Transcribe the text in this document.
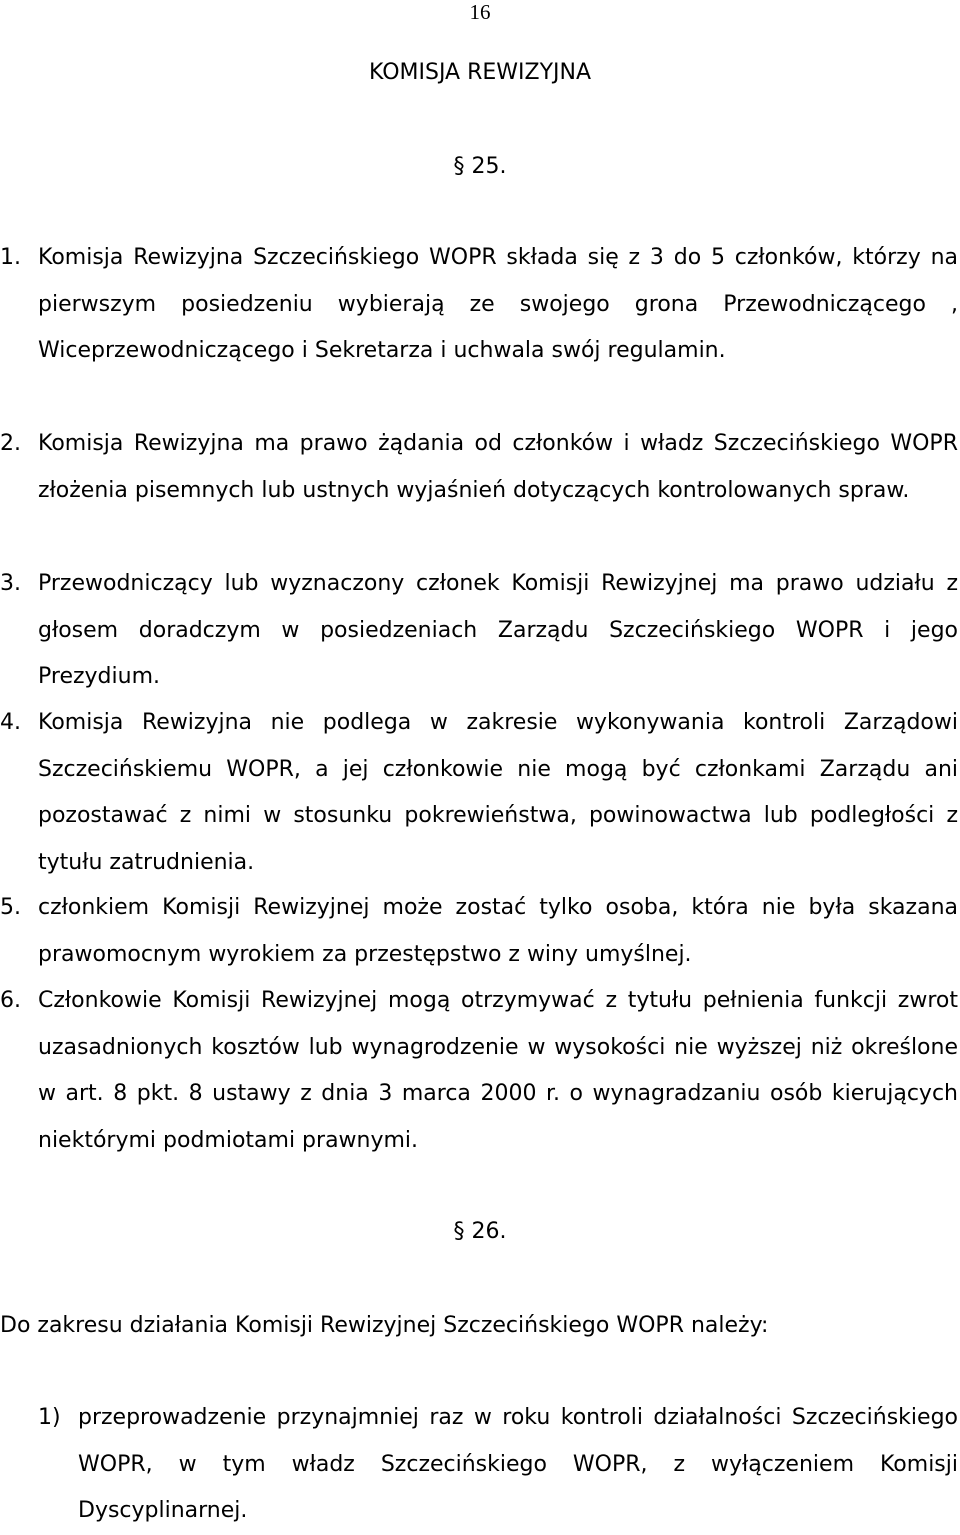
16
KOMISJA REWIZYJNA
§ 25.
1. Komisja Rewizyjna Szczecińskiego WOPR składa się z 3 do 5 członków, którzy na pierwszym posiedzeniu wybierają ze swojego grona Przewodniczącego , Wiceprzewodniczącego i Sekretarza i uchwala swój regulamin.
2. Komisja Rewizyjna ma prawo żądania od członków i władz Szczecińskiego WOPR złożenia pisemnych lub ustnych wyjaśnień dotyczących kontrolowanych spraw.
3. Przewodniczący lub wyznaczony członek Komisji Rewizyjnej ma prawo udziału z głosem doradczym w posiedzeniach Zarządu Szczecińskiego WOPR i jego Prezydium.
4. Komisja Rewizyjna nie podlega w zakresie wykonywania kontroli Zarządowi Szczecińskiemu WOPR, a jej członkowie nie mogą być członkami Zarządu ani pozostawać z nimi w stosunku pokrewieństwa, powinowactwa lub podległości z tytułu zatrudnienia.
5. członkiem Komisji Rewizyjnej może zostać tylko osoba, która nie była skazana prawomocnym wyrokiem za przestępstwo z winy umyślnej.
6. Członkowie Komisji Rewizyjnej mogą otrzymywać z tytułu pełnienia funkcji zwrot uzasadnionych kosztów lub wynagrodzenie w wysokości nie wyższej niż określone w art. 8 pkt. 8 ustawy z dnia 3 marca 2000 r. o wynagradzaniu osób kierujących niektórymi podmiotami prawnymi.
§ 26.
Do zakresu działania Komisji Rewizyjnej Szczecińskiego WOPR należy:
1) przeprowadzenie przynajmniej raz w roku kontroli działalności Szczecińskiego WOPR, w tym władz Szczecińskiego WOPR, z wyłączeniem Komisji Dyscyplinarnej.
